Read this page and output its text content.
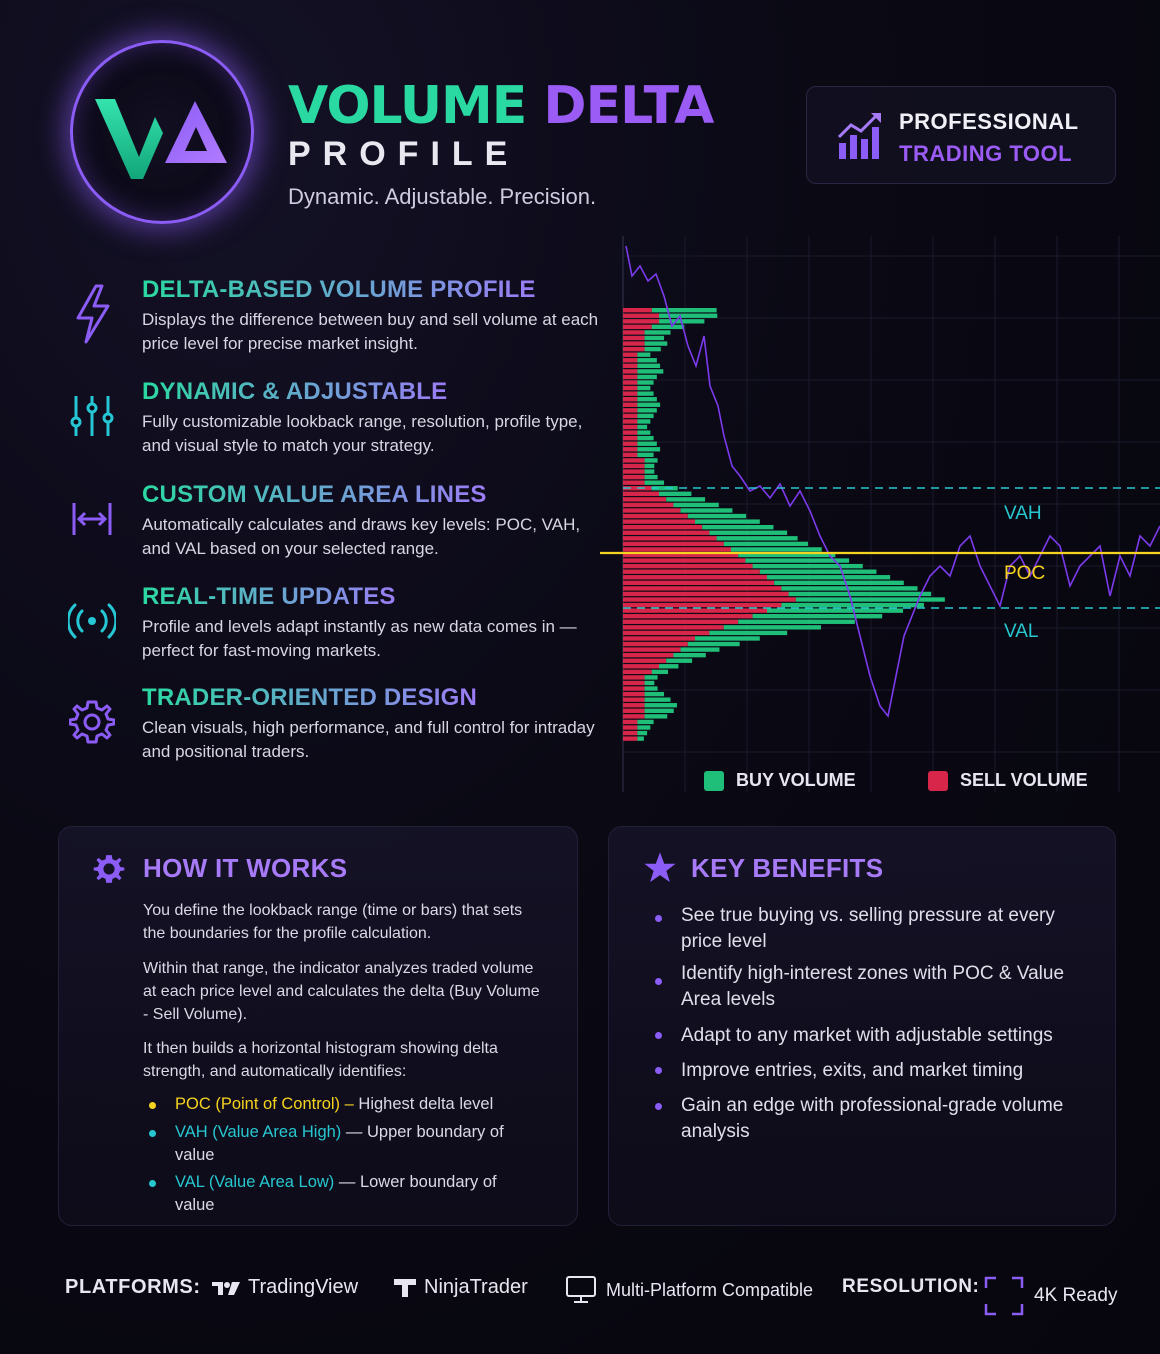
VOLUME DELTA
PROFILE
Dynamic. Adjustable. Precision.
PROFESSIONAL
TRADING TOOL
DELTA-BASED VOLUME PROFILE

Displays the difference between buy and sell volume at each price level for precise market insight.

DYNAMIC & ADJUSTABLE

Fully customizable lookback range, resolution, profile type, and visual style to match your strategy.

CUSTOM VALUE AREA LINES

Automatically calculates and draws key levels: POC, VAH, and VAL based on your selected range.

REAL-TIME UPDATES

Profile and levels adapt instantly as new data comes in — perfect for fast-moving markets.

TRADER-ORIENTED DESIGN

Clean visuals, high performance, and full control for intraday and positional traders.

VAH
POC
VAL
BUY VOLUME	SELL VOLUME
HOW IT WORKS

You define the lookback range (time or bars) that sets the boundaries for the profile calculation.

Within that range, the indicator analyzes traded volume at each price level and calculates the delta (Buy Volume - Sell Volume).

It then builds a horizontal histogram showing delta strength, and automatically identifies:

POC (Point of Control) – Highest delta level
VAH (Value Area High) — Upper boundary of value
VAL (Value Area Low) — Lower boundary of value
KEY BENEFITS
See true buying vs. selling pressure at every price level
Identify high-interest zones with POC & Value Area levels
Adapt to any market with adjustable settings
Improve entries, exits, and market timing
Gain an edge with professional-grade volume analysis
PLATFORMS: TradingView	NinjaTrader	Multi-Platform Compatible RESOLUTION:	4K Ready
